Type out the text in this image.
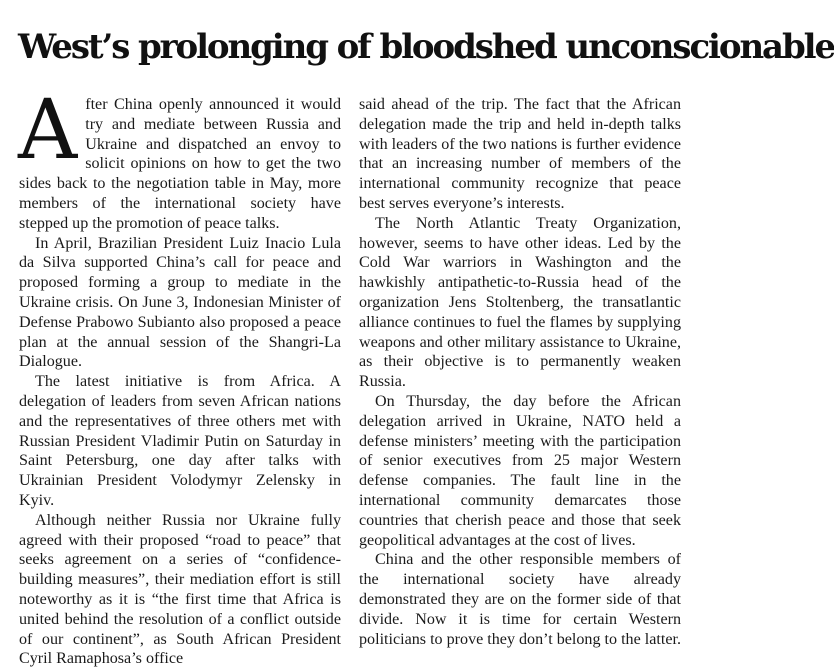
West’s prolonging of bloodshed unconscionable

After China openly announced it would try and mediate between Russia and Ukraine and dispatched an envoy to solicit opinions on how to get the two sides back to the negotiation table in May, more members of the international society have stepped up the promotion of peace talks.

In April, Brazilian President Luiz Inacio Lula da Silva supported China’s call for peace and proposed forming a group to mediate in the Ukraine crisis. On June 3, Indonesian Minister of Defense Prabowo Subianto also proposed a peace plan at the annual session of the Shangri-La Dialogue.

The latest initiative is from Africa. A delegation of leaders from seven African nations and the representatives of three others met with Russian President Vladimir Putin on Saturday in Saint Petersburg, one day after talks with Ukrainian President Volodymyr Zelensky in Kyiv.

Although neither Russia nor Ukraine fully agreed with their proposed “road to peace” that seeks agreement on a series of “confidence-building measures”, their mediation effort is still noteworthy as it is “the first time that Africa is united behind the resolution of a conflict outside of our continent”, as South African President Cyril Ramaphosa’s office

said ahead of the trip. The fact that the African delegation made the trip and held in-depth talks with leaders of the two nations is further evidence that an increasing number of members of the international community recognize that peace best serves everyone’s interests.

The North Atlantic Treaty Organization, however, seems to have other ideas. Led by the Cold War warriors in Washington and the hawkishly antipathetic-to-Russia head of the organization Jens Stoltenberg, the transatlantic alliance continues to fuel the flames by supplying weapons and other military assistance to Ukraine, as their objective is to permanently weaken Russia.

On Thursday, the day before the African delegation arrived in Ukraine, NATO held a defense ministers’ meeting with the participation of senior executives from 25 major Western defense companies. The fault line in the international community demarcates those countries that cherish peace and those that seek geopolitical advantages at the cost of lives.

China and the other responsible members of the international society have already demonstrated they are on the former side of that divide. Now it is time for certain Western politicians to prove they don’t belong to the latter.
